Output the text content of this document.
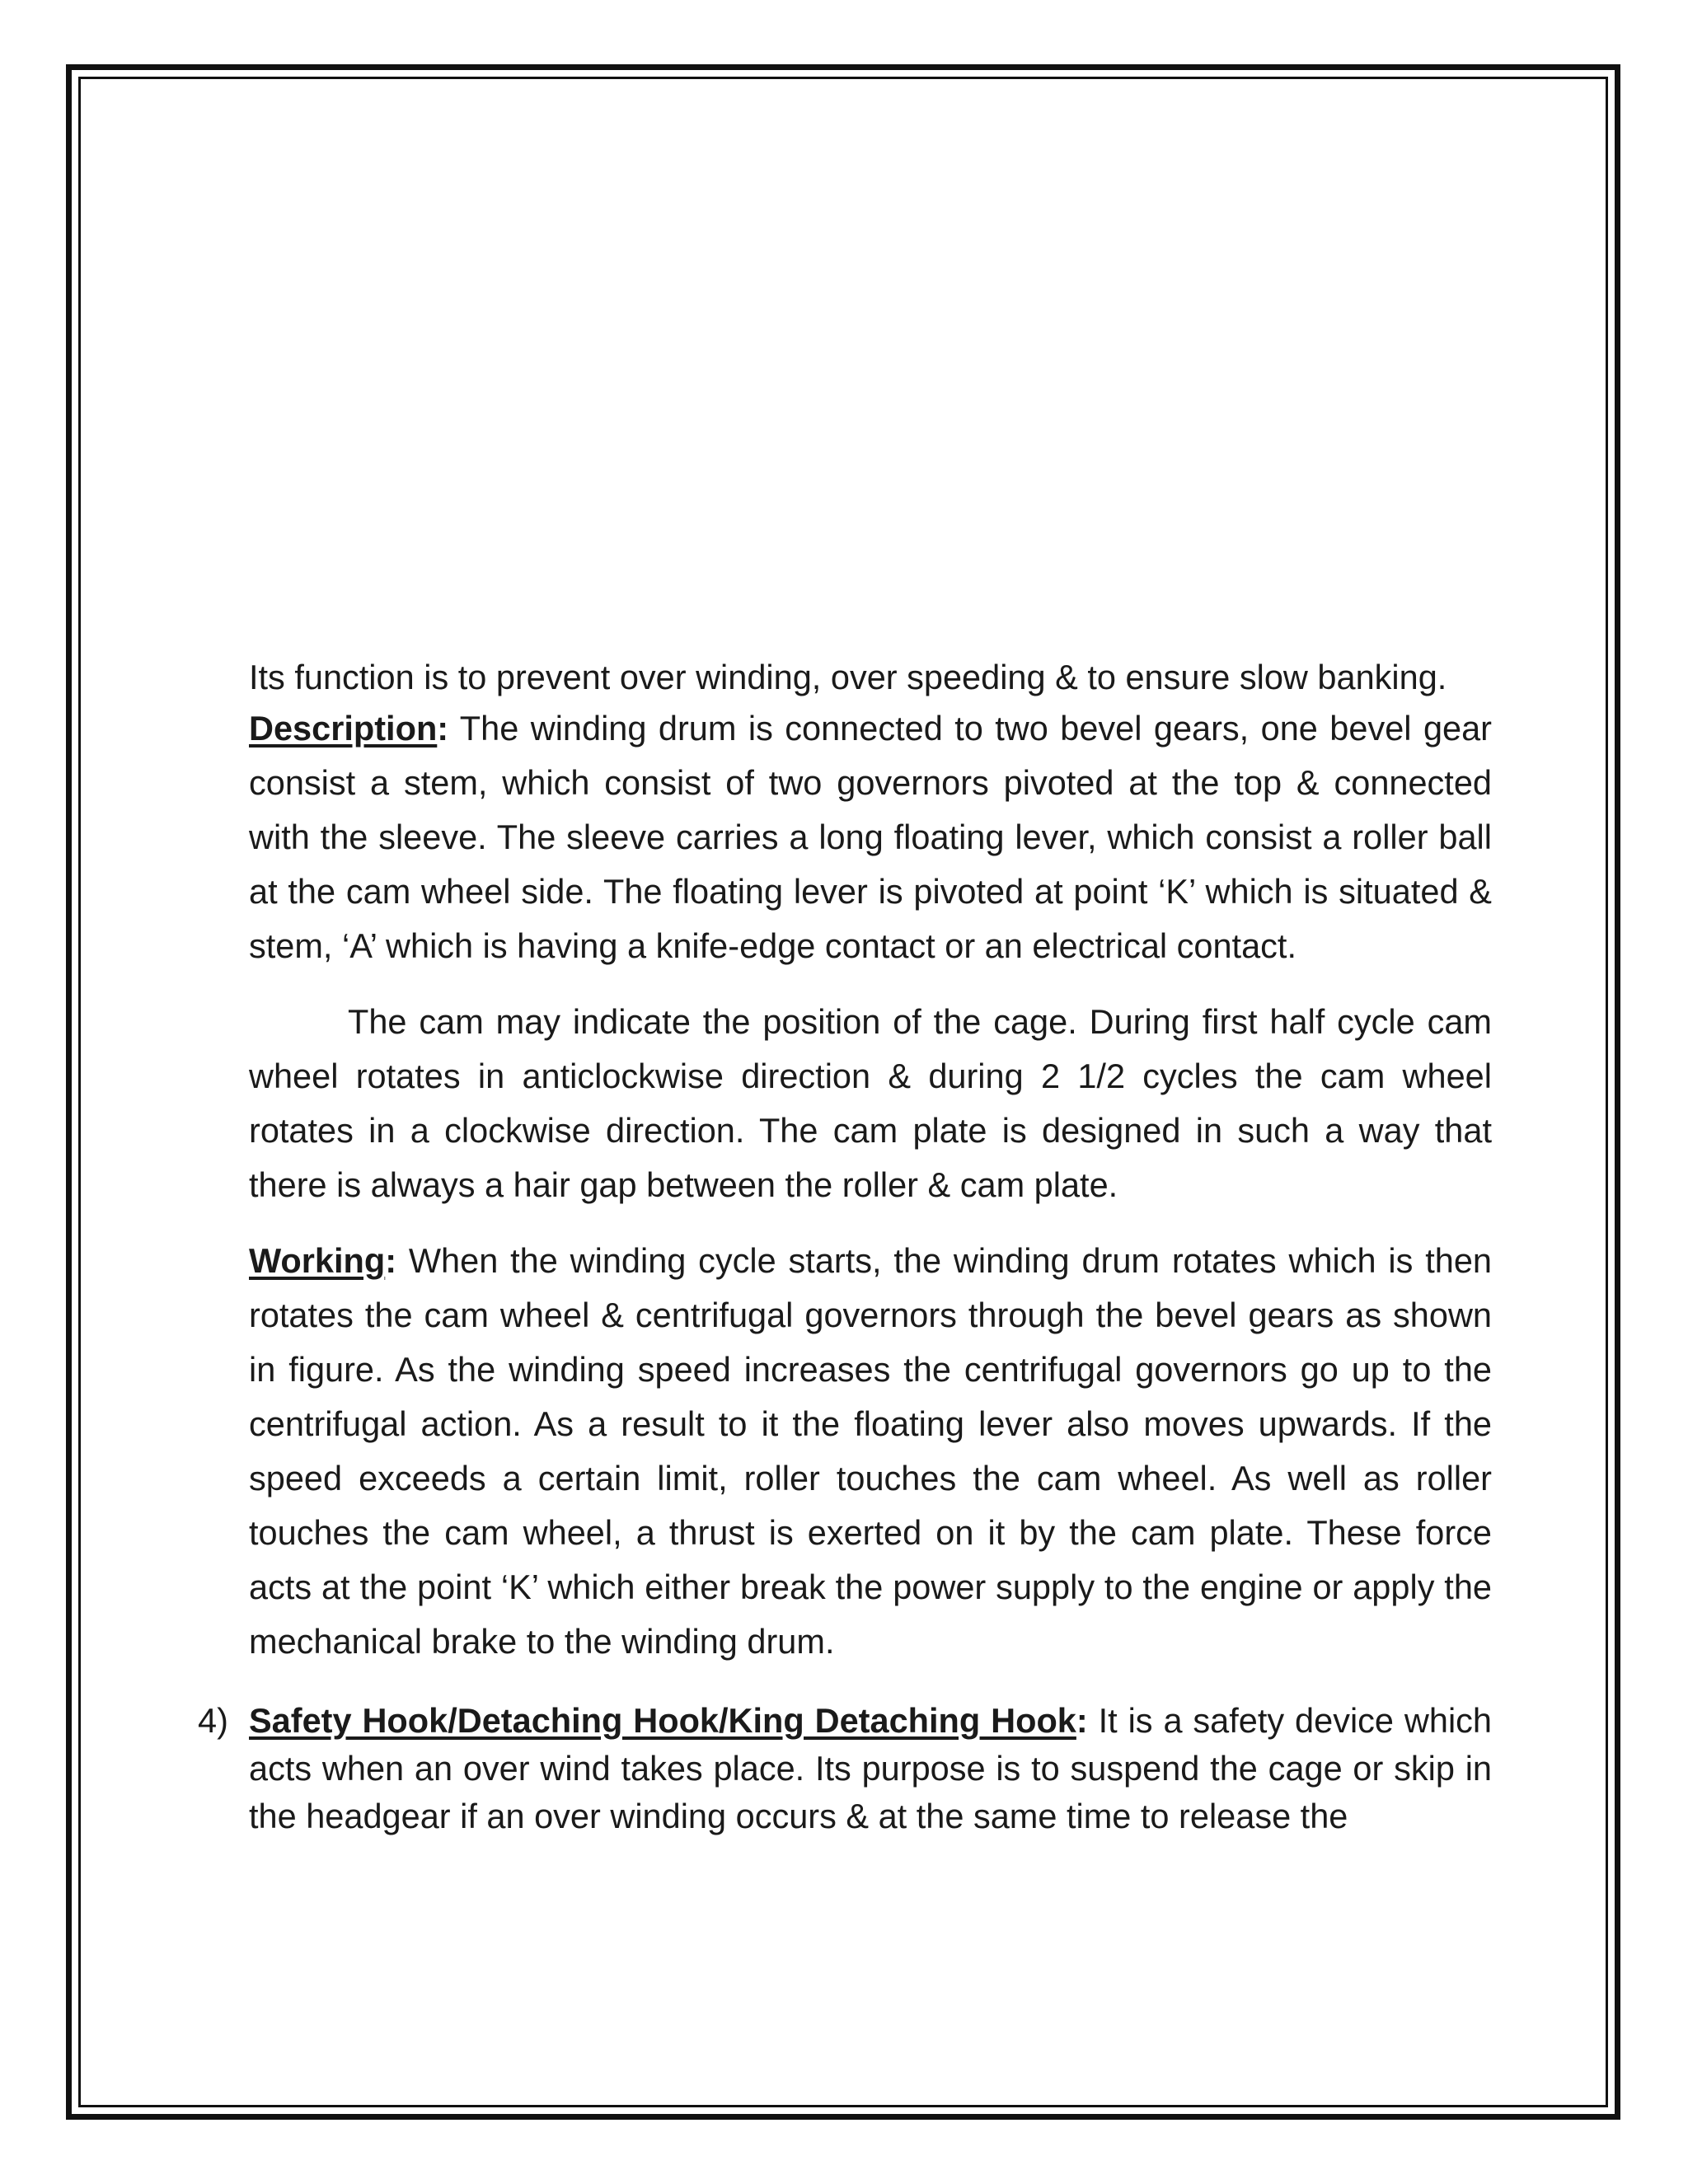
Its function is to prevent over winding, over speeding & to ensure slow banking.

Description: The winding drum is connected to two bevel gears, one bevel gear consist a stem, which consist of two governors pivoted at the top & connected with the sleeve. The sleeve carries a long floating lever, which consist a roller ball at the cam wheel side. The floating lever is pivoted at point ‘K’ which is situated & stem, ‘A’ which is having a knife-edge contact or an electrical contact.

The cam may indicate the position of the cage. During first half cycle cam wheel rotates in anticlockwise direction & during 2 1/2 cycles the cam wheel rotates in a clockwise direction. The cam plate is designed in such a way that there is always a hair gap between the roller & cam plate.

Working: When the winding cycle starts, the winding drum rotates which is then rotates the cam wheel & centrifugal governors through the bevel gears as shown in figure. As the winding speed increases the centrifugal governors go up to the centrifugal action. As a result to it the floating lever also moves upwards. If the speed exceeds a certain limit, roller touches the cam wheel. As well as roller touches the cam wheel, a thrust is exerted on it by the cam plate. These force acts at the point ‘K’ which either break the power supply to the engine or apply the mechanical brake to the winding drum.

4) Safety Hook/Detaching Hook/King Detaching Hook: It is a safety device which acts when an over wind takes place. Its purpose is to suspend the cage or skip in the headgear if an over winding occurs & at the same time to release the
